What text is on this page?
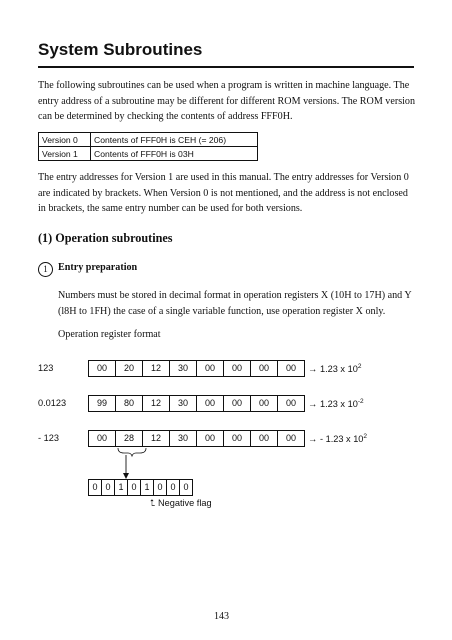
System Subroutines
The following subroutines can be used when a program is written in machine language. The entry address of a subroutine may be different for different ROM versions. The ROM version can be determined by checking the contents of address FFF0H.
Version 0	Contents of FFF0H is CEH (= 206)
Version 1	Contents of FFF0H is 03H
The entry addresses for Version 1 are used in this manual. The entry addresses for Version 0 are indicated by brackets. When Version 0 is not mentioned, and the address is not enclosed in brackets, the same entry number can be used for both versions.
(1) Operation subroutines
1	Entry preparation
Numbers must be stored in decimal format in operation registers X (10H to 17H) and Y (l8H to 1FH) the case of a single variable function, use operation register X only.
Operation register format
123	00	20	12	30	00	00	00	00	→ 1.23 x $10^2$
0.0123	99	80	12	30	00	00	00	00	→ 1.23 x $10^{-2}$
- 123	00	28	12	30	00	00	00	00	→ - 1.23 x $10^2$
0 0 1 0 1 0 0 0
⮤ Negative flag
143
